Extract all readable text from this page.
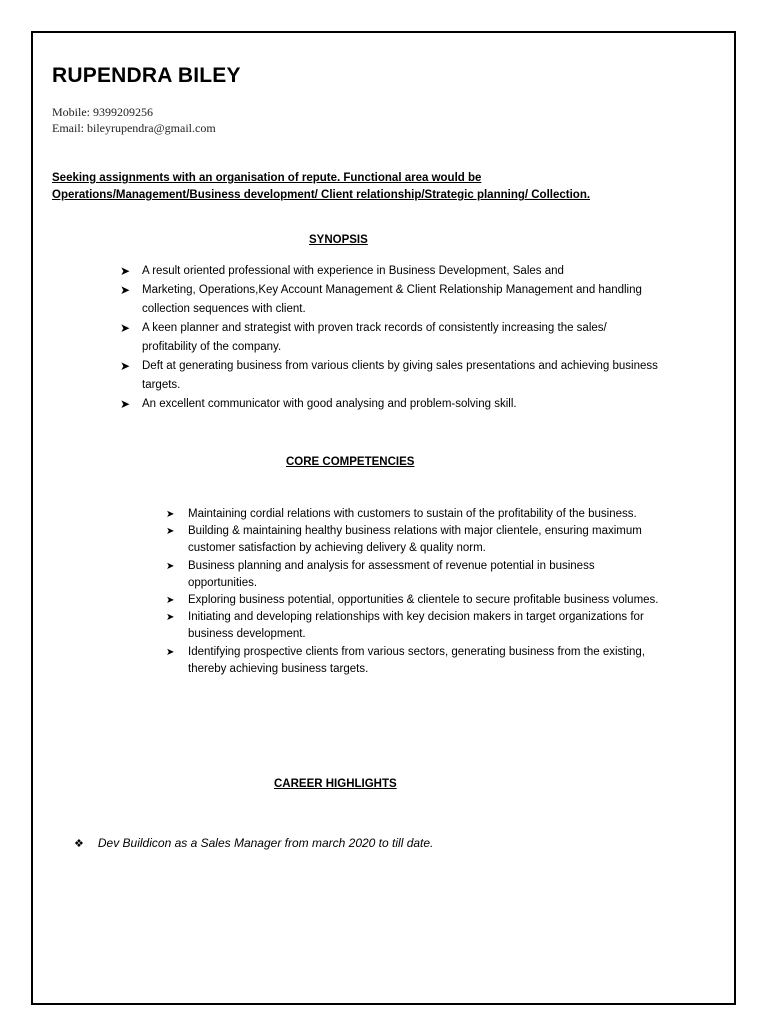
RUPENDRA BILEY
Mobile: 9399209256
Email: bileyrupendra@gmail.com
Seeking assignments with an organisation of repute. Functional area would be
Operations/Management/Business development/ Client relationship/Strategic planning/ Collection.
SYNOPSIS
➤ A result oriented professional with experience in Business Development, Sales and
➤ Marketing, Operations,Key Account Management & Client Relationship Management and handling collection sequences with client.
➤ A keen planner and strategist with proven track records of consistently increasing the sales/ profitability of the company.
➤ Deft at generating business from various clients by giving sales presentations and achieving business targets.
➤ An excellent communicator with good analysing and problem-solving skill.
CORE COMPETENCIES
➤ Maintaining cordial relations with customers to sustain of the profitability of the business.
➤ Building & maintaining healthy business relations with major clientele, ensuring maximum customer satisfaction by achieving delivery & quality norm.
➤ Business planning and analysis for assessment of revenue potential in business opportunities.
➤ Exploring business potential, opportunities & clientele to secure profitable business volumes.
➤ Initiating and developing relationships with key decision makers in target organizations for business development.
➤ Identifying prospective clients from various sectors, generating business from the existing, thereby achieving business targets.
CAREER HIGHLIGHTS
❖ Dev Buildicon as a Sales Manager from march 2020 to till date.
